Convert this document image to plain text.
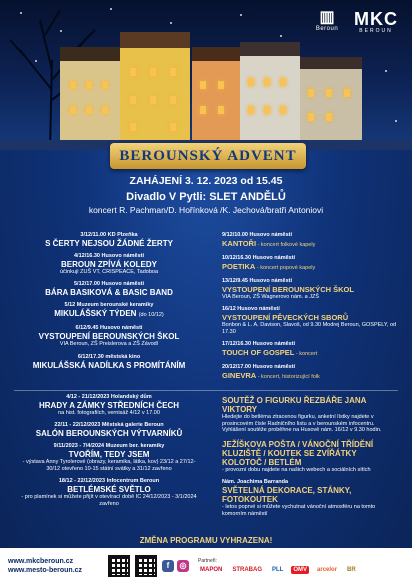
▥
Beroun MKC
BEROUN
BEROUNSKÝ ADVENT
ZAHÁJENÍ 3. 12. 2023 od 15.45
Divadlo V Pytli: SLET ANDĚLŮ
koncert R. Pachman/D. Hořínková /K. Jechová/bratři Antoniovi
3/12/11.00 KD Plzeňka
S ČERTY NEJSOU ŽÁDNÉ ŽERTY
4/12/16.30 Husovo náměstí
BEROUN ZPÍVÁ KOLEDY
účinkují ZUŠ VT, CRISPEACE, Tadoboa
5/12/17.00 Husovo náměstí
BÁRA BASIKOVÁ & BASIC BAND
5/12 Muzeum berounské keramiky
MIKULÁŠSKÝ TÝDEN (do 10/12)
6/12/9.45 Husovo náměstí
VYSTOUPENÍ BEROUNSKÝCH ŠKOL
VIA Beroun, ZŠ Preislerova a ZŠ Závodí
6/12/17.30 městská kino
MIKULÁŠSKÁ NADÍLKA S PROMÍTÁNÍM
9/12/10.00 Husovo náměstí
KANTOŘI - koncert folkové kapely
10/12/16.30 Husovo náměstí
POETIKA - koncert popové kapely
13/12/9.45 Husovo náměstí
VYSTOUPENÍ BEROUNSKÝCH ŠKOL
VIA Beroun, ZŠ Wagnerovo nám. a JZŠ
16/12 Husovo náměstí
VYSTOUPENÍ PĚVECKÝCH SBORŮ
Bonbon & L. A. Davison, Slavoš, od 9.30 Modrej Beroun, GOSPELY, od 17.30
17/12/16.30 Husovo náměstí
TOUCH OF GOSPEL - koncert
20/12/17.00 Husovo náměstí
GINEVRA - koncert, historizující folk
4/12 - 21/12/2023 Holandský dům
HRADY A ZÁMKY STŘEDNÍCH ČECH
na hist. fotografiích, vernisáž 4/12 v 17.00
22/11 - 22/12/2023 Městská galerie Beroun
SALÓN BEROUNSKÝCH VÝTVARNÍKŮ
9/11/2023 - 7/4/2024 Muzeum ber. keramiky
TVOŘÍM, TEDY JSEM
- výstava Anny Tyrolerové (obrazy, keramika, látka, kov) 23/12 a 27/12-30/12 otevřeno 10-15 státní svátky a 31/12 zavřeno
18/12 - 22/12/2023 Infocentrum Beroun
BETLÉMSKÉ SVĚTLO
- pro plamínek si můžete přijít v otevírací době IC 24/12/2023 - 3/1/2024 zavřeno
SOUTĚŽ O FIGURKU ŘEZBÁŘE JANA VIKTORY
Hledejte do betléma ztracenou figurku, anketní lístky najdete v prosincovém čísle Radničního listu a v berounském infocentru. Vyhlášení soutěže proběhne na Husově nám. 16/12 v 9.30 hodin.
JEŽÍŠKOVA POŠTA / VÁNOČNÍ TŘÍDĚNÍ KLUZIŠTĚ / KOUTEK SE ZVÍŘÁTKY KOLOTOČ / BETLÉM
- provozní dobu najdete na našich webech a sociálních sítích
Nám. Joachima Barranda
SVĚTELNÁ DEKORACE, STÁNKY, FOTOKOUTEK
- letos poprvé si můžete vychutnat vánoční atmosféru na tomto komorním náměstí
ZMĚNA PROGRAMU VYHRAZENA!
www.mkcberoun.cz
www.mesto-beroun.cz	f	◎
Partneři:
MAPON	STRABAG	PLL	OMV	arcelor	BR
